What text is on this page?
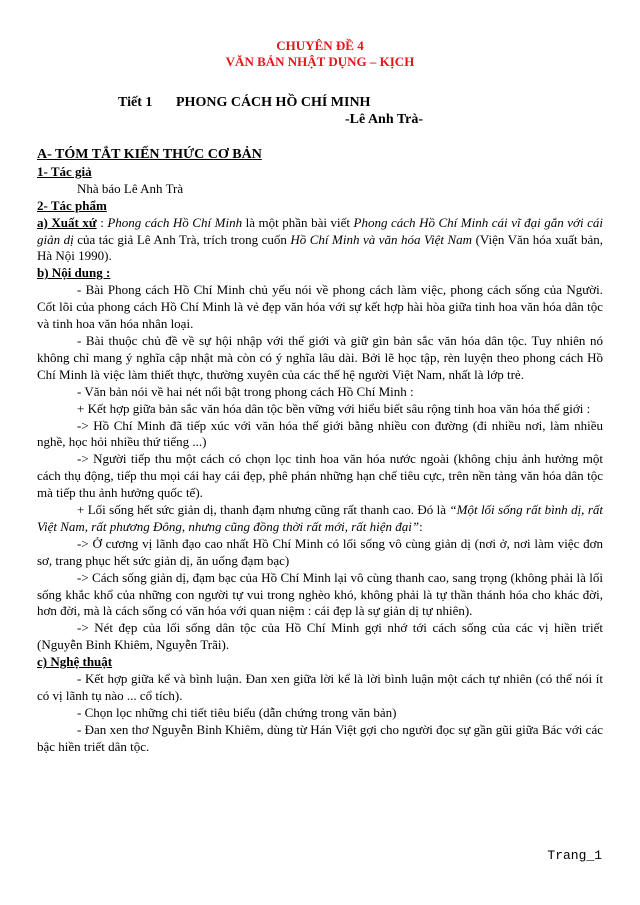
CHUYÊN ĐỀ 4
VĂN BẢN NHẬT DỤNG – KỊCH
Tiết 1 PHONG CÁCH HỒ CHÍ MINH
-Lê Anh Trà-

A- TÓM TẮT KIẾN THỨC CƠ BẢN

1- Tác giả

Nhà báo Lê Anh Trà

2- Tác phẩm

a) Xuất xứ : Phong cách Hồ Chí Minh là một phần bài viết Phong cách Hồ Chí Minh cái vĩ đại gắn với cái giản dị của tác giả Lê Anh Trà, trích trong cuốn Hồ Chí Minh và văn hóa Việt Nam (Viện Văn hóa xuất bản, Hà Nội 1990).

b) Nội dung :

- Bài Phong cách Hồ Chí Minh chủ yếu nói về phong cách làm việc, phong cách sống của Người. Cốt lõi của phong cách Hồ Chí Minh là vẻ đẹp văn hóa với sự kết hợp hài hòa giữa tinh hoa văn hóa dân tộc và tinh hoa văn hóa nhân loại.

- Bài thuộc chủ đề về sự hội nhập với thế giới và giữ gìn bản sắc văn hóa dân tộc. Tuy nhiên nó không chỉ mang ý nghĩa cập nhật mà còn có ý nghĩa lâu dài. Bởi lẽ học tập, rèn luyện theo phong cách Hồ Chí Minh là việc làm thiết thực, thường xuyên của các thế hệ người Việt Nam, nhất là lớp trẻ.

- Văn bản nói về hai nét nổi bật trong phong cách Hồ Chí Minh :

+ Kết hợp giữa bản sắc văn hóa dân tộc bền vững với hiểu biết sâu rộng tinh hoa văn hóa thế giới :

-> Hồ Chí Minh đã tiếp xúc với văn hóa thế giới bằng nhiều con đường (đi nhiều nơi, làm nhiều nghề, học hỏi nhiều thứ tiếng ...)

-> Người tiếp thu một cách có chọn lọc tinh hoa văn hóa nước ngoài (không chịu ảnh hưởng một cách thụ động, tiếp thu mọi cái hay cái đẹp, phê phán những hạn chế tiêu cực, trên nền tảng văn hóa dân tộc mà tiếp thu ảnh hưởng quốc tế).

+ Lối sống hết sức giản dị, thanh đạm nhưng cũng rất thanh cao. Đó là “Một lối sống rất bình dị, rất Việt Nam, rất phương Đông, nhưng cũng đồng thời rất mới, rất hiện đại”:

-> Ở cương vị lãnh đạo cao nhất Hồ Chí Minh có lối sống vô cùng giản dị (nơi ở, nơi làm việc đơn sơ, trang phục hết sức giản dị, ăn uống đạm bạc)

-> Cách sống giản dị, đạm bạc của Hồ Chí Minh lại vô cùng thanh cao, sang trọng (không phải là lối sống khắc khổ của những con người tự vui trong nghèo khó, không phải là tự thần thánh hóa cho khác đời, hơn đời, mà là cách sống có văn hóa với quan niệm : cái đẹp là sự giản dị tự nhiên).

-> Nét đẹp của lối sống dân tộc của Hồ Chí Minh gợi nhớ tới cách sống của các vị hiền triết (Nguyễn Bỉnh Khiêm, Nguyễn Trãi).

c) Nghệ thuật

- Kết hợp giữa kể và bình luận. Đan xen giữa lời kể là lời bình luận một cách tự nhiên (có thể nói ít có vị lãnh tụ nào ... cổ tích).

- Chọn lọc những chi tiết tiêu biểu (dẫn chứng trong văn bản)

- Đan xen thơ Nguyễn Bỉnh Khiêm, dùng từ Hán Việt gợi cho người đọc sự gần gũi giữa Bác với các bậc hiền triết dân tộc.

Trang_1
